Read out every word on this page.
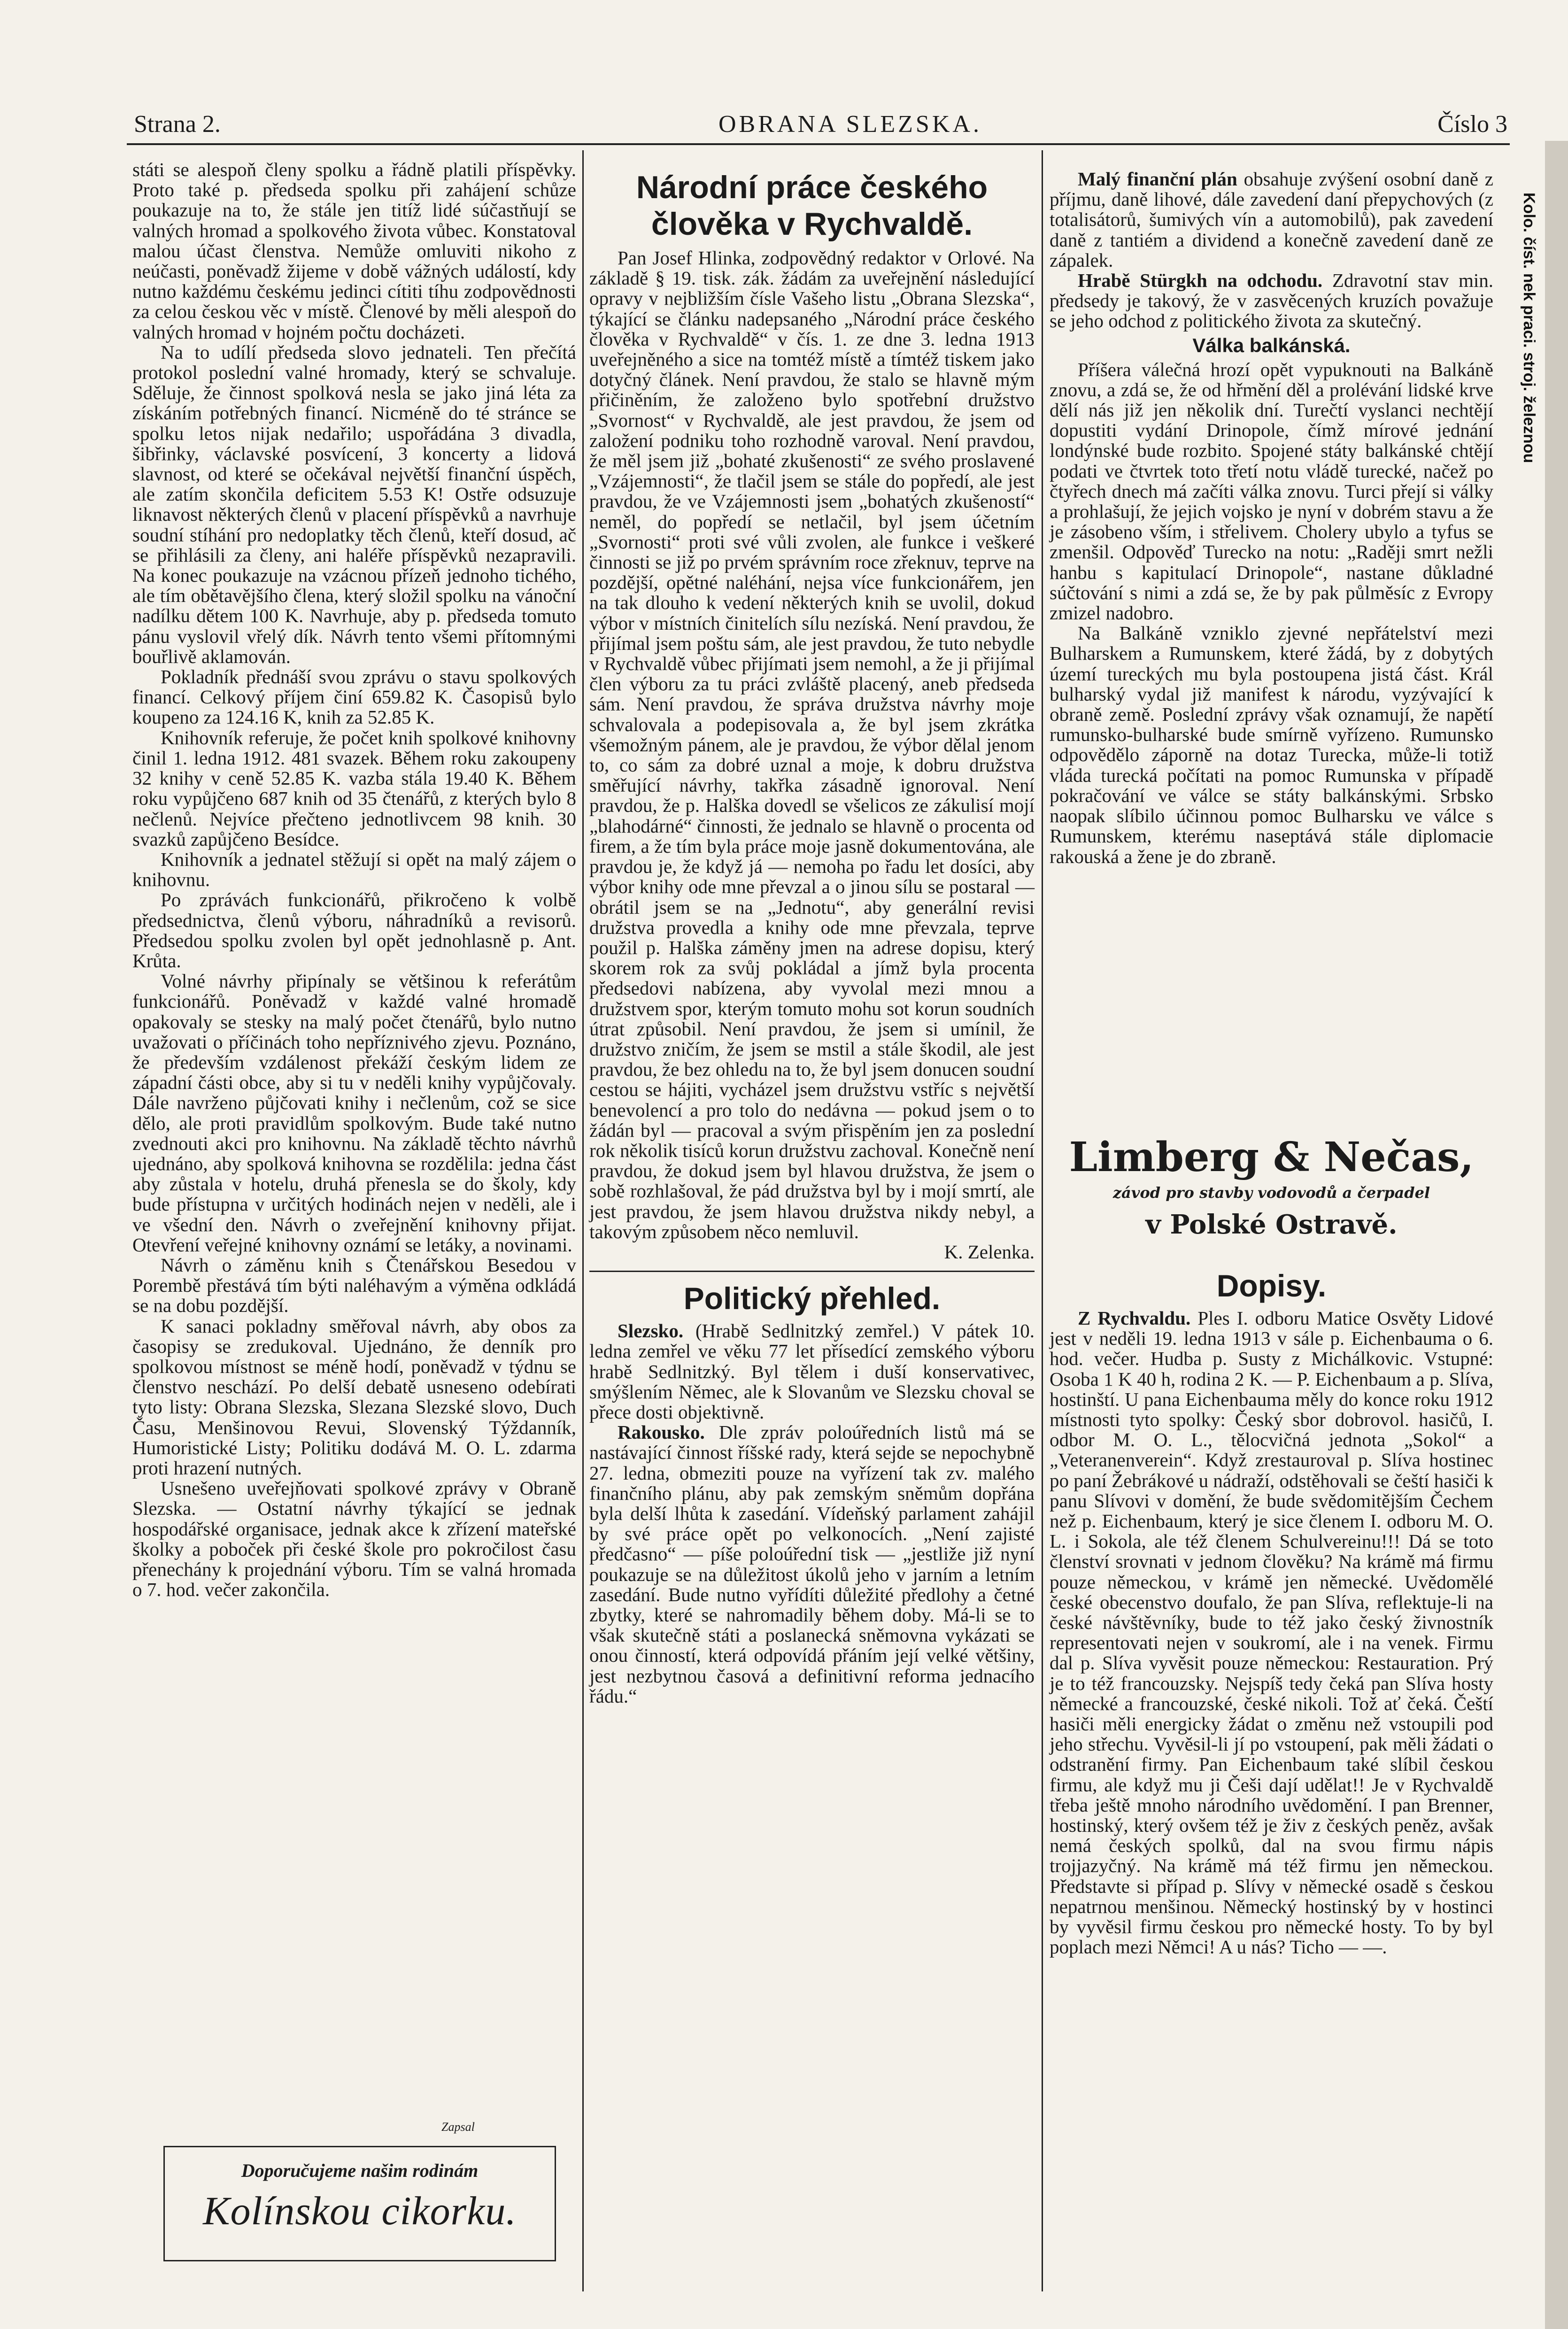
Kolo. číst. nek praci. stroj. železnou
Strana 2.	OBRANA SLEZSKA.	Číslo 3

státi se alespoň členy spolku a řádně platili příspěvky. Proto také p. předseda spolku při zahájení schůze poukazuje na to, že stále jen titíž lidé súčastňují se valných hromad a spolkového života vůbec. Konstatoval malou účast členstva. Nemůže omluviti nikoho z neúčasti, poněvadž žijeme v době vážných událostí, kdy nutno každému českému jedinci cítiti tíhu zodpovědnosti za celou českou věc v místě. Členové by měli alespoň do valných hromad v hojném počtu docházeti.

Na to udílí předseda slovo jednateli. Ten přečítá protokol poslední valné hromady, který se schvaluje. Sděluje, že činnost spolková nesla se jako jiná léta za získáním potřebných financí. Nicméně do té stránce se spolku letos nijak nedařilo; uspořádána 3 divadla, šibřinky, václavské posvícení, 3 koncerty a lidová slavnost, od které se očekával největší finanční úspěch, ale zatím skončila deficitem 5.53 K! Ostře odsuzuje liknavost některých členů v placení příspěvků a navrhuje soudní stíhání pro nedoplatky těch členů, kteří dosud, ač se přihlásili za členy, ani haléře příspěvků nezapravili. Na konec poukazuje na vzácnou přízeň jednoho tichého, ale tím obětavějšího člena, který složil spolku na vánoční nadílku dětem 100 K. Navrhuje, aby p. předseda tomuto pánu vyslovil vřelý dík. Návrh tento všemi přítomnými bouřlivě aklamován.

Pokladník přednáší svou zprávu o stavu spolkových financí. Celkový příjem činí 659.82 K. Časopisů bylo koupeno za 124.16 K, knih za 52.85 K.

Knihovník referuje, že počet knih spolkové knihovny činil 1. ledna 1912. 481 svazek. Během roku zakoupeny 32 knihy v ceně 52.85 K. vazba stála 19.40 K. Během roku vypůjčeno 687 knih od 35 čtenářů, z kterých bylo 8 nečlenů. Nejvíce přečteno jednotlivcem 98 knih. 30 svazků zapůjčeno Besídce.

Knihovník a jednatel stěžují si opět na malý zájem o knihovnu.

Po zprávách funkcionářů, přikročeno k volbě předsednictva, členů výboru, náhradníků a revisorů. Předsedou spolku zvolen byl opět jednohlasně p. Ant. Krůta.

Volné návrhy připínaly se většinou k referátům funkcionářů. Poněvadž v každé valné hromadě opakovaly se stesky na malý počet čtenářů, bylo nutno uvažovati o příčinách toho nepříznivého zjevu. Poznáno, že především vzdálenost překáží českým lidem ze západní části obce, aby si tu v neděli knihy vypůjčovaly. Dále navrženo půjčovati knihy i nečlenům, což se sice dělo, ale proti pravidlům spolkovým. Bude také nutno zvednouti akci pro knihovnu. Na základě těchto návrhů ujednáno, aby spolková knihovna se rozdělila: jedna část aby zůstala v hotelu, druhá přenesla se do školy, kdy bude přístupna v určitých hodinách nejen v neděli, ale i ve všední den. Návrh o zveřejnění knihovny přijat. Otevření veřejné knihovny oznámí se letáky, a novinami.

Návrh o záměnu knih s Čtenářskou Besedou v Porembě přestává tím býti naléhavým a výměna odkládá se na dobu pozdější.

K sanaci pokladny směřoval návrh, aby obos za časopisy se zredukoval. Ujednáno, že denník pro spolkovou místnost se méně hodí, poněvadž v týdnu se členstvo neschází. Po delší debatě usneseno odebírati tyto listy: Obrana Slezska, Slezana Slezské slovo, Duch Času, Menšinovou Revui, Slovenský Týždanník, Humoristické Listy; Politiku dodává M. O. L. zdarma proti hrazení nutných.

Usnešeno uveřejňovati spolkové zprávy v Obraně Slezska. — Ostatní návrhy týkající se jednak hospodářské organisace, jednak akce k zřízení mateřské školky a poboček při české škole pro pokročilost času přenechány k projednání výboru. Tím se valná hromada o 7. hod. večer zakončila.

Zapsal
Doporučujeme našim rodinám
Kolínskou cikorku.
Národní práce českého člověka v Rychvaldě.

Pan Josef Hlinka, zodpovědný redaktor v Orlové. Na základě § 19. tisk. zák. žádám za uveřejnění následující opravy v nejbližším čísle Vašeho listu „Obrana Slezska“, týkající se článku nadepsaného „Národní práce českého člověka v Rychvaldě“ v čís. 1. ze dne 3. ledna 1913 uveřejněného a sice na tomtéž místě a tímtéž tiskem jako dotyčný článek. Není pravdou, že stalo se hlavně mým přičiněním, že založeno bylo spotřební družstvo „Svornost“ v Rychvaldě, ale jest pravdou, že jsem od založení podniku toho rozhodně varoval. Není pravdou, že měl jsem již „bohaté zkušenosti“ ze svého proslavené „Vzájemnosti“, že tlačil jsem se stále do popředí, ale jest pravdou, že ve Vzájemnosti jsem „bohatých zkušeností“ neměl, do popředí se netlačil, byl jsem účetním „Svornosti“ proti své vůli zvolen, ale funkce i veškeré činnosti se již po prvém správním roce zřeknuv, teprve na pozdější, opětné naléhání, nejsa více funkcionářem, jen na tak dlouho k vedení některých knih se uvolil, dokud výbor v místních činitelích sílu nezíská. Není pravdou, že přijímal jsem poštu sám, ale jest pravdou, že tuto nebydle v Rychvaldě vůbec přijímati jsem nemohl, a že ji přijímal člen výboru za tu práci zvláště placený, aneb předseda sám. Není pravdou, že správa družstva návrhy moje schvalovala a podepisovala a, že byl jsem zkrátka všemožným pánem, ale je pravdou, že výbor dělal jenom to, co sám za dobré uznal a moje, k dobru družstva směřující návrhy, takřka zásadně ignoroval. Není pravdou, že p. Halška dovedl se všelicos ze zákulisí mojí „blahodárné“ činnosti, že jednalo se hlavně o procenta od firem, a že tím byla práce moje jasně dokumentována, ale pravdou je, že když já — nemoha po řadu let dosíci, aby výbor knihy ode mne převzal a o jinou sílu se postaral — obrátil jsem se na „Jednotu“, aby generální revisi družstva provedla a knihy ode mne převzala, teprve použil p. Halška záměny jmen na adrese dopisu, který skorem rok za svůj pokládal a jímž byla procenta předsedovi nabízena, aby vyvolal mezi mnou a družstvem spor, kterým tomuto mohu sot korun soudních útrat způsobil. Není pravdou, že jsem si umínil, že družstvo zničím, že jsem se mstil a stále škodil, ale jest pravdou, že bez ohledu na to, že byl jsem donucen soudní cestou se hájiti, vycházel jsem družstvu vstříc s největší benevolencí a pro tolo do nedávna — pokud jsem o to žádán byl — pracoval a svým přispěním jen za poslední rok několik tisíců korun družstvu zachoval. Konečně není pravdou, že dokud jsem byl hlavou družstva, že jsem o sobě rozhlašoval, že pád družstva byl by i mojí smrtí, ale jest pravdou, že jsem hlavou družstva nikdy nebyl, a takovým způsobem něco nemluvil.

K. Zelenka.

Politický přehled.

Slezsko. (Hrabě Sedlnitzký zemřel.) V pátek 10. ledna zemřel ve věku 77 let přísedící zemského výboru hrabě Sedlnitzký. Byl tělem i duší konservativec, smýšlením Němec, ale k Slovanům ve Slezsku choval se přece dosti objektivně.

Rakousko. Dle zpráv poloúředních listů má se nastávající činnost říšské rady, která sejde se nepochybně 27. ledna, obmeziti pouze na vyřízení tak zv. malého finančního plánu, aby pak zemským sněmům dopřána byla delší lhůta k zasedání. Vídeňský parlament zahájil by své práce opět po velkonocích. „Není zajisté předčasno“ — píše poloúřední tisk — „jestliže již nyní poukazuje se na důležitost úkolů jeho v jarním a letním zasedání. Bude nutno vyřídíti důležité předlohy a četné zbytky, které se nahromadily během doby. Má-li se to však skutečně státi a poslanecká sněmovna vykázati se onou činností, která odpovídá přáním její velké většiny, jest nezbytnou časová a definitivní reforma jednacího řádu.“

Malý finanční plán obsahuje zvýšení osobní daně z příjmu, daně lihové, dále zavedení daní přepychových (z totalisátorů, šumivých vín a automobilů), pak zavedení daně z tantiém a dividend a konečně zavedení daně ze zápalek.

Hrabě Stürgkh na odchodu. Zdravotní stav min. předsedy je takový, že v zasvěcených kruzích považuje se jeho odchod z politického života za skutečný.

Válka balkánská.

Příšera válečná hrozí opět vypuknouti na Balkáně znovu, a zdá se, že od hřmění děl a prolévání lidské krve dělí nás již jen několik dní. Turečtí vyslanci nechtějí dopustiti vydání Drinopole, čímž mírové jednání londýnské bude rozbito. Spojené státy balkánské chtějí podati ve čtvrtek toto třetí notu vládě turecké, načež po čtyřech dnech má začíti válka znovu. Turci přejí si války a prohlašují, že jejich vojsko je nyní v dobrém stavu a že je zásobeno vším, i střelivem. Cholery ubylo a tyfus se zmenšil. Odpověď Turecko na notu: „Raději smrt nežli hanbu s kapitulací Drinopole“, nastane důkladné súčtování s nimi a zdá se, že by pak půlměsíc z Evropy zmizel nadobro.

Na Balkáně vzniklo zjevné nepřátelství mezi Bulharskem a Rumunskem, které žádá, by z dobytých území tureckých mu byla postoupena jistá část. Král bulharský vydal již manifest k národu, vyzývající k obraně země. Poslední zprávy však oznamují, že napětí rumunsko-bulharské bude smírně vyřízeno. Rumunsko odpovědělo záporně na dotaz Turecka, může-li totiž vláda turecká počítati na pomoc Rumunska v případě pokračování ve válce se státy balkánskými. Srbsko naopak slíbilo účinnou pomoc Bulharsku ve válce s Rumunskem, kterému naseptává stále diplomacie rakouská a žene je do zbraně.

Limberg & Nečas,
závod pro stavby vodovodů a čerpadel
v Polské Ostravě.
Dopisy.

Z Rychvaldu. Ples I. odboru Matice Osvěty Lidové jest v neděli 19. ledna 1913 v sále p. Eichenbauma o 6. hod. večer. Hudba p. Susty z Michálkovic. Vstupné: Osoba 1 K 40 h, rodina 2 K. — P. Eichenbaum a p. Slíva, hostinští. U pana Eichenbauma měly do konce roku 1912 místnosti tyto spolky: Český sbor dobrovol. hasičů, I. odbor M. O. L., tělocvičná jednota „Sokol“ a „Veteranenverein“. Když zrestauroval p. Slíva hostinec po paní Žebrákové u nádraží, odstěhovali se čeští hasiči k panu Slívovi v domění, že bude svědomitějším Čechem než p. Eichenbaum, který je sice členem I. odboru M. O. L. i Sokola, ale též členem Schulvereinu!!! Dá se toto členství srovnati v jednom člověku? Na krámě má firmu pouze německou, v krámě jen německé. Uvědomělé české obecenstvo doufalo, že pan Slíva, reflektuje-li na české návštěvníky, bude to též jako český živnostník representovati nejen v soukromí, ale i na venek. Firmu dal p. Slíva vyvěsit pouze německou: Restauration. Prý je to též francouzsky. Nejspíš tedy čeká pan Slíva hosty německé a francouzské, české nikoli. Tož ať čeká. Čeští hasiči měli energicky žádat o změnu než vstoupili pod jeho střechu. Vyvěsil-li jí po vstoupení, pak měli žádati o odstranění firmy. Pan Eichenbaum také slíbil českou firmu, ale když mu ji Češi dají udělat!! Je v Rychvaldě třeba ještě mnoho národního uvědomění. I pan Brenner, hostinský, který ovšem též je živ z českých peněz, avšak nemá českých spolků, dal na svou firmu nápis trojjazyčný. Na krámě má též firmu jen německou. Představte si případ p. Slívy v německé osadě s českou nepatrnou menšinou. Německý hostinský by v hostinci by vyvěsil firmu českou pro německé hosty. To by byl poplach mezi Němci! A u nás? Ticho — —.
